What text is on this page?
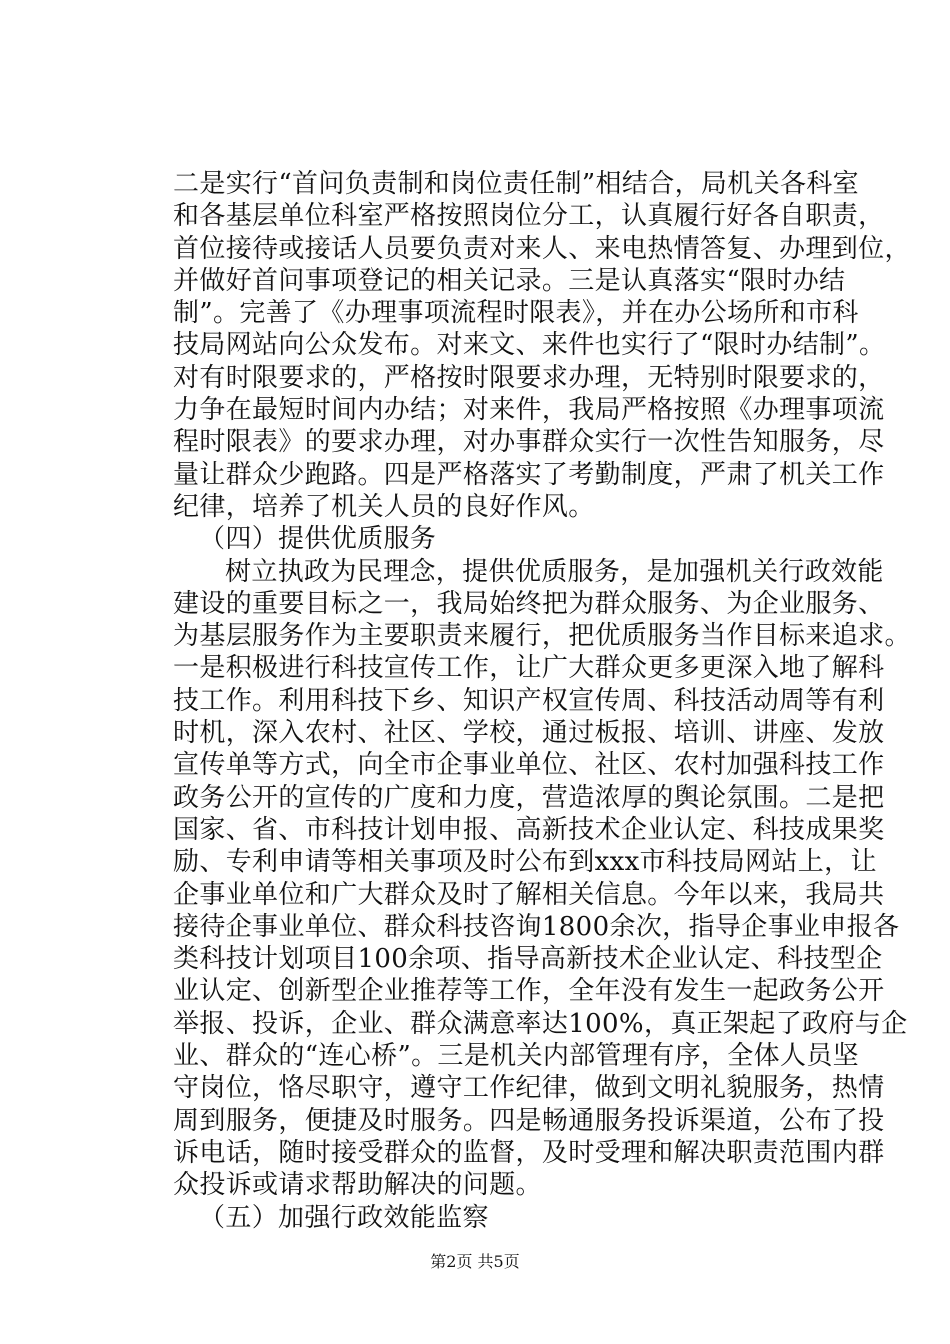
二是实行“首问负责制和岗位责任制”相结合，局机关各科室
和各基层单位科室严格按照岗位分工，认真履行好各自职责，
首位接待或接话人员要负责对来人、来电热情答复、办理到位，
并做好首问事项登记的相关记录。三是认真落实“限时办结
制”。完善了《办理事项流程时限表》，并在办公场所和市科
技局网站向公众发布。对来文、来件也实行了“限时办结制”。
对有时限要求的，严格按时限要求办理，无特别时限要求的，
力争在最短时间内办结；对来件，我局严格按照《办理事项流
程时限表》的要求办理，对办事群众实行一次性告知服务，尽
量让群众少跑路。四是严格落实了考勤制度，严肃了机关工作
纪律，培养了机关人员的良好作风。
（四）提供优质服务
树立执政为民理念，提供优质服务，是加强机关行政效能
建设的重要目标之一，我局始终把为群众服务、为企业服务、
为基层服务作为主要职责来履行，把优质服务当作目标来追求。
一是积极进行科技宣传工作，让广大群众更多更深入地了解科
技工作。利用科技下乡、知识产权宣传周、科技活动周等有利
时机，深入农村、社区、学校，通过板报、培训、讲座、发放
宣传单等方式，向全市企事业单位、社区、农村加强科技工作
政务公开的宣传的广度和力度，营造浓厚的舆论氛围。二是把
国家、省、市科技计划申报、高新技术企业认定、科技成果奖
励、专利申请等相关事项及时公布到xxx市科技局网站上，让
企事业单位和广大群众及时了解相关信息。今年以来，我局共
接待企事业单位、群众科技咨询1800余次，指导企事业申报各
类科技计划项目100余项、指导高新技术企业认定、科技型企
业认定、创新型企业推荐等工作，全年没有发生一起政务公开
举报、投诉，企业、群众满意率达100%，真正架起了政府与企
业、群众的“连心桥”。三是机关内部管理有序，全体人员坚
守岗位，恪尽职守，遵守工作纪律，做到文明礼貌服务，热情
周到服务，便捷及时服务。四是畅通服务投诉渠道，公布了投
诉电话，随时接受群众的监督，及时受理和解决职责范围内群
众投诉或请求帮助解决的问题。
（五）加强行政效能监察
第2页 共5页
